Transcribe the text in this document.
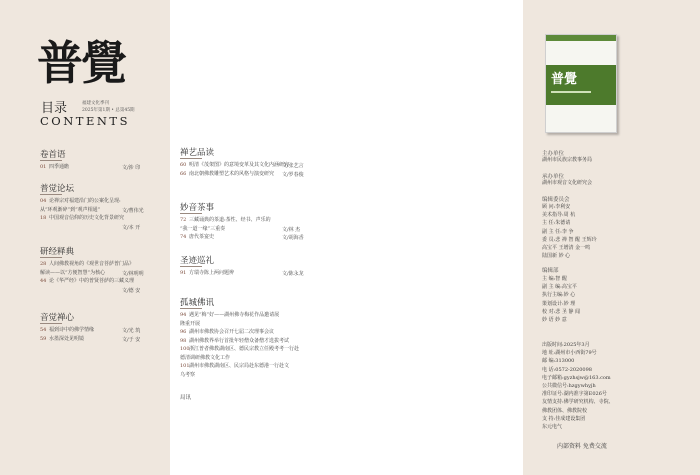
普覺
目录	福建文化季刊
2025年第1期 • 总第45期
CONTENTS
卷首语
01 四季通瞻	文/涉 印
普觉论坛
04 论禅宗对福建沿门的公案化呈现:
从“环观渐碎”到“观声相通”	文/曹伟光
18 中国观音信仰的历史文化背景研究
文/本 开
研经释典
28 人间佛教视角的《观世音菩萨普门品》
解读——以“方便智慧”为核心	文/林明明
44 论《华严经》中的普贤菩萨的三藏义理
文/德 安
音觉禅心
54 福到诗中的佛学情缘	文/光 筑
59 水墨深处见明镜	文/于 安
禅艺品读
60 明清《茂架图》的意境变革及其文化内涵研究
文/张艺言
66 南北朝佛教雕塑艺术的风格与演变研究 文/罗春俊
妙音茶事
72 三藏诵典的茶道:茶性、经书、声乐的
“我一道一缘”三重奏	文/林 杰
74 唐代茶宴史	文/胡海香
圣迹巡礼
91 方瑞寺陈上两问题辨	文/陈永龙
孤城佛讯
94 遇见“梅”好——湖州佛寺梅花作品邀请展
隆重开展
96 湖州市佛教协会召开七届二次理事会议
98 湖州佛教界举行首批年轻僧众备僧才选拔考试
100 浙江普者佛教湖南区、德民宗教立任殿考考一行赴
德清调研佛教文化工作
101 湖州市佛教湖南区、民宗局赴东德港一行赴文
乌考察
局讯
普覺
主办单位
湖州市民族宗教事务局
承办单位
湖州市观音文化研究会
编辑委员会
顾 问:李利安
美术指导:周 杭
主 任:朱德请
副 主 任:李 争
委 员:悲 禅 智 醒 王辉玲
高宝平 王增清 金一鸣
陆国新 妙 心
编辑部
主 编:智 醒
副 主 编:高宝平
执行主编:妙 心
策划设计:妙 理
校 对:悲 圣 静 闻
妙 语 妙 意
出版时间:2025年3月
地 址:湖州市小西街79号
邮 编:313000
电 话:0572-2020098
电子邮箱:gyzhsjw@163.com
公共微信号:hzgywhyjh
准印证号:湖内准字第E026号
友情支持:佛学研究机构、寺院、
佛教团体、佛教院校
支 持:佳成建设集团
东元电气
内部资料 免费交流
